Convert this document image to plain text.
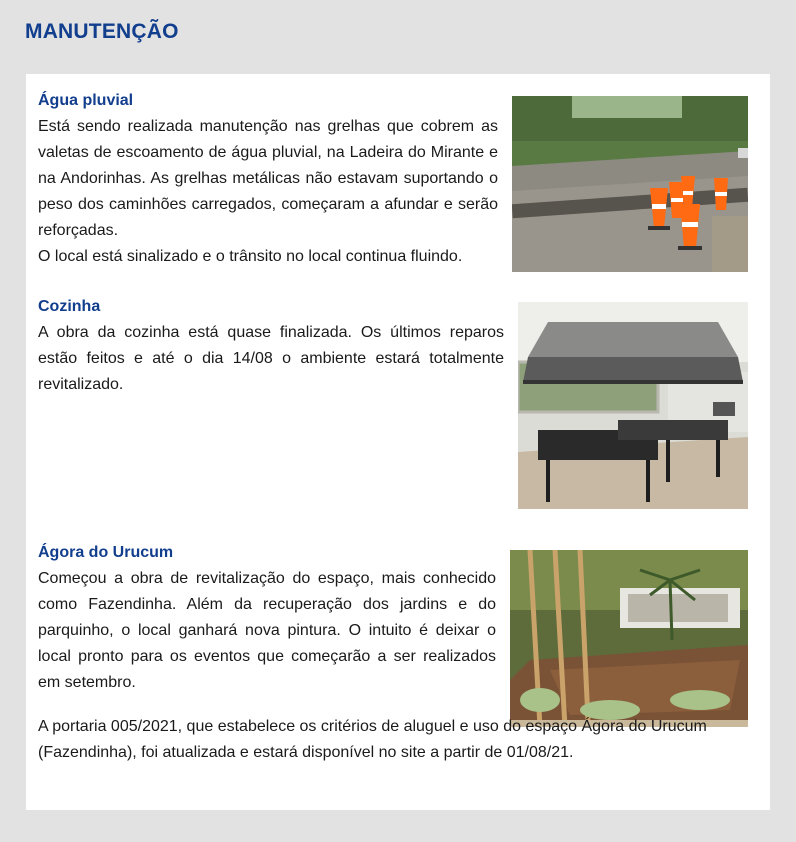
MANUTENÇÃO
Água pluvial

Está sendo realizada manutenção nas grelhas que cobrem as valetas de escoamento de água pluvial, na Ladeira do Mirante e na Andorinhas. As grelhas metálicas não estavam suportando o peso dos caminhões carregados, começaram a afundar e serão reforçadas.

O local está sinalizado e o trânsito no local continua fluindo.

Cozinha

A obra da cozinha está quase finalizada. Os últimos reparos estão feitos e até o dia 14/08 o ambiente estará totalmente revitalizado.

Ágora do Urucum

Começou a obra de revitalização do espaço, mais conhecido como Fazendinha. Além da recuperação dos jardins e do parquinho, o local ganhará nova pintura. O intuito é deixar o local pronto para os eventos que começarão a ser realizados em setembro.

A portaria 005/2021, que estabelece os critérios de aluguel e uso do espaço Ágora do Urucum (Fazendinha), foi atualizada e estará disponível no site a partir de 01/08/21.
